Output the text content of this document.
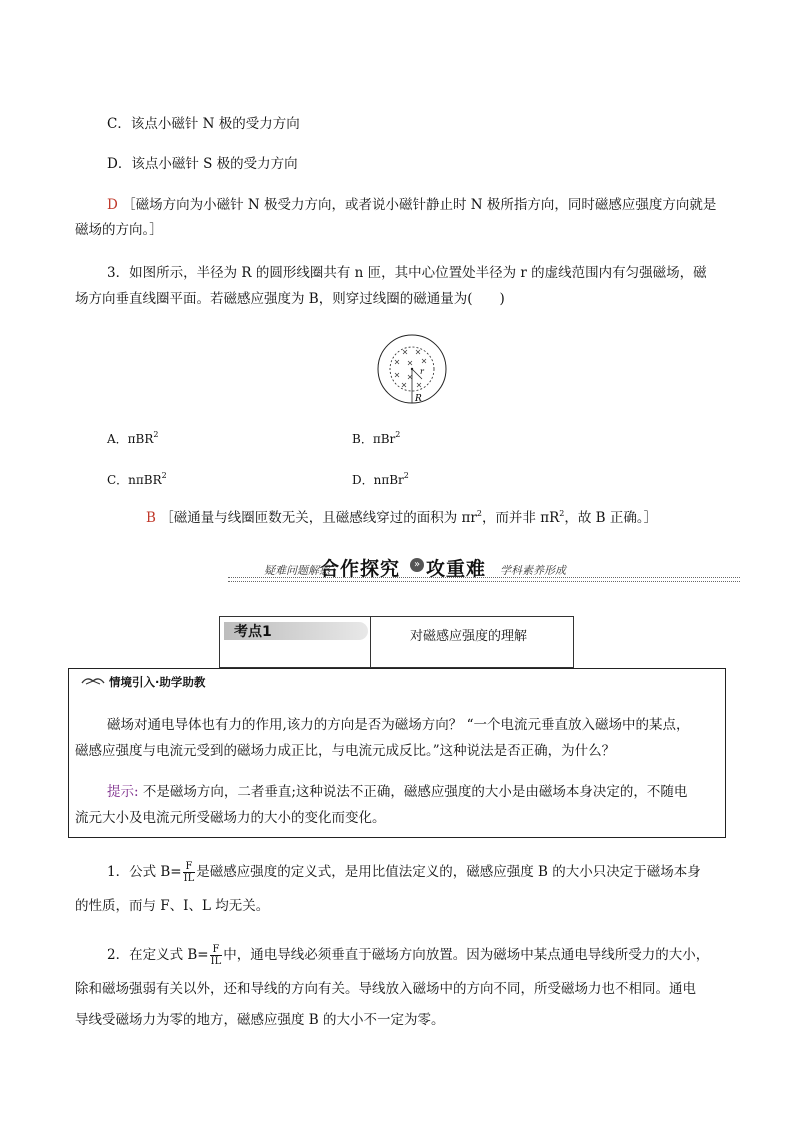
C．该点小磁针 N 极的受力方向
D．该点小磁针 S 极的受力方向
D ［磁场方向为小磁针 N 极受力方向，或者说小磁针静止时 N 极所指方向，同时磁感应强度方向就是
磁场的方向。］
3．如图所示，半径为 R 的圆形线圈共有 n 匝，其中心位置处半径为 r 的虚线范围内有匀强磁场，磁
场方向垂直线圈平面。若磁感应强度为 B，则穿过线圈的磁通量为(　　)
r
R
A．πBR$^2$	B．πBr$^2$
C．nπBR$^2$	D．nπBr$^2$
B ［磁通量与线圈匝数无关，且磁感线穿过的面积为 $\pi r^2$，而并非 $\pi R^2$，故 B 正确。］
疑难问题解惑
合作探究	» 攻重难 学科素养形成
考点1	对磁感应强度的理解
情境引入·助学助教
磁场对通电导体也有力的作用,该力的方向是否为磁场方向？ “一个电流元垂直放入磁场中的某点，
磁感应强度与电流元受到的磁场力成正比，与电流元成反比。”这种说法是否正确，为什么？
提示: 不是磁场方向，二者垂直;这种说法不正确，磁感应强度的大小是由磁场本身决定的，不随电
流元大小及电流元所受磁场力的大小的变化而变化。
1．公式 $B= \frac{F}{IL}$ 是磁感应强度的定义式，是用比值法定义的，磁感应强度 B 的大小只决定于磁场本身
的性质，而与 F、I、L 均无关。
2．在定义式 $B= \frac{F}{IL}$ 中，通电导线必须垂直于磁场方向放置。因为磁场中某点通电导线所受力的大小，
除和磁场强弱有关以外，还和导线的方向有关。导线放入磁场中的方向不同，所受磁场力也不相同。通电
导线受磁场力为零的地方，磁感应强度 B 的大小不一定为零。
